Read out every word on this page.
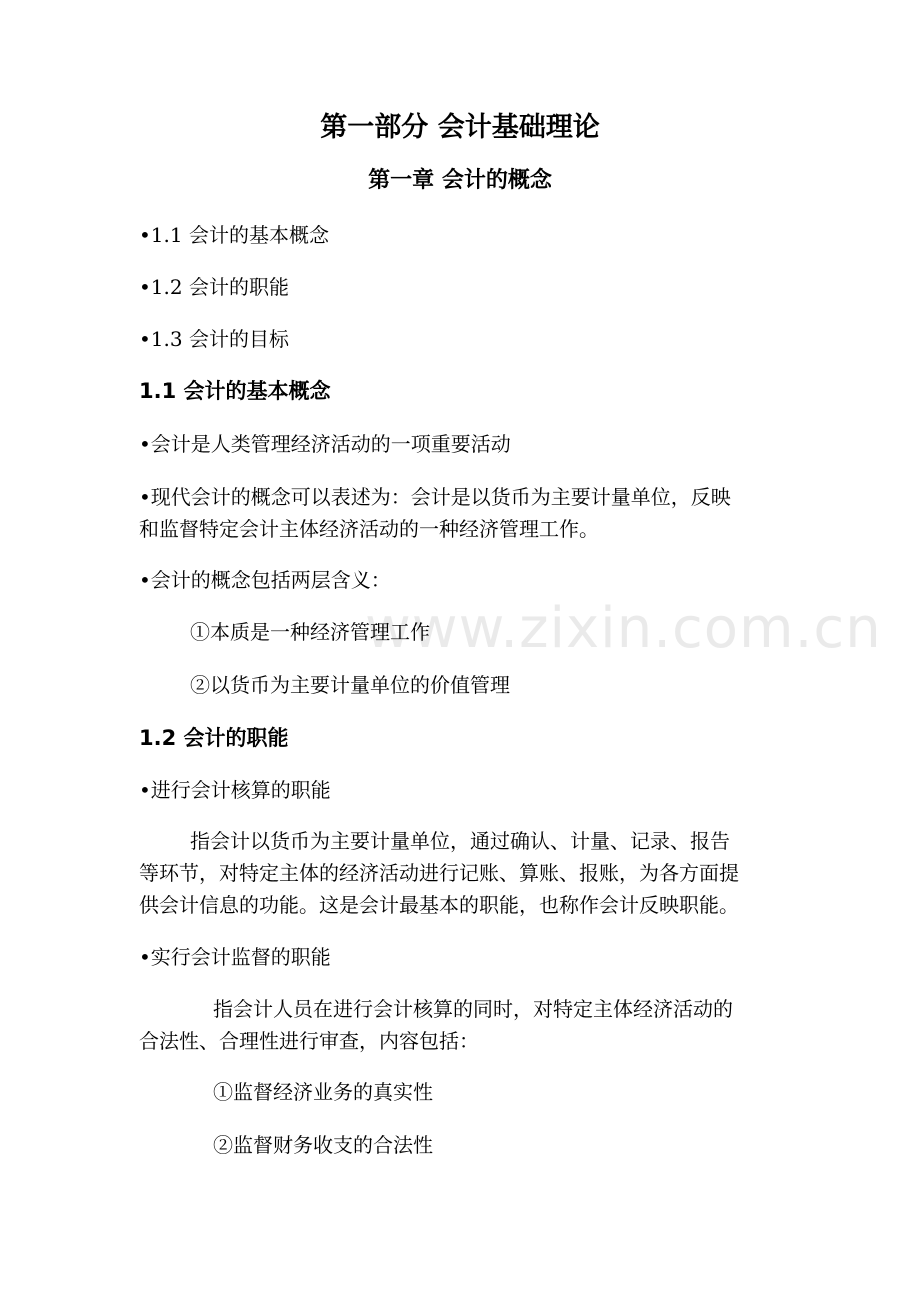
www.zixin.com.cn
第一部分 会计基础理论
第一章 会计的概念
•1.1 会计的基本概念
•1.2 会计的职能
•1.3 会计的目标
1.1 会计的基本概念
•会计是人类管理经济活动的一项重要活动
•现代会计的概念可以表述为：会计是以货币为主要计量单位，反映
和监督特定会计主体经济活动的一种经济管理工作。
•会计的概念包括两层含义：
①本质是一种经济管理工作
②以货币为主要计量单位的价值管理
1.2 会计的职能
•进行会计核算的职能
指会计以货币为主要计量单位，通过确认、计量、记录、报告
等环节，对特定主体的经济活动进行记账、算账、报账，为各方面提
供会计信息的功能。这是会计最基本的职能，也称作会计反映职能。
•实行会计监督的职能
指会计人员在进行会计核算的同时，对特定主体经济活动的
合法性、合理性进行审查，内容包括：
①监督经济业务的真实性
②监督财务收支的合法性
